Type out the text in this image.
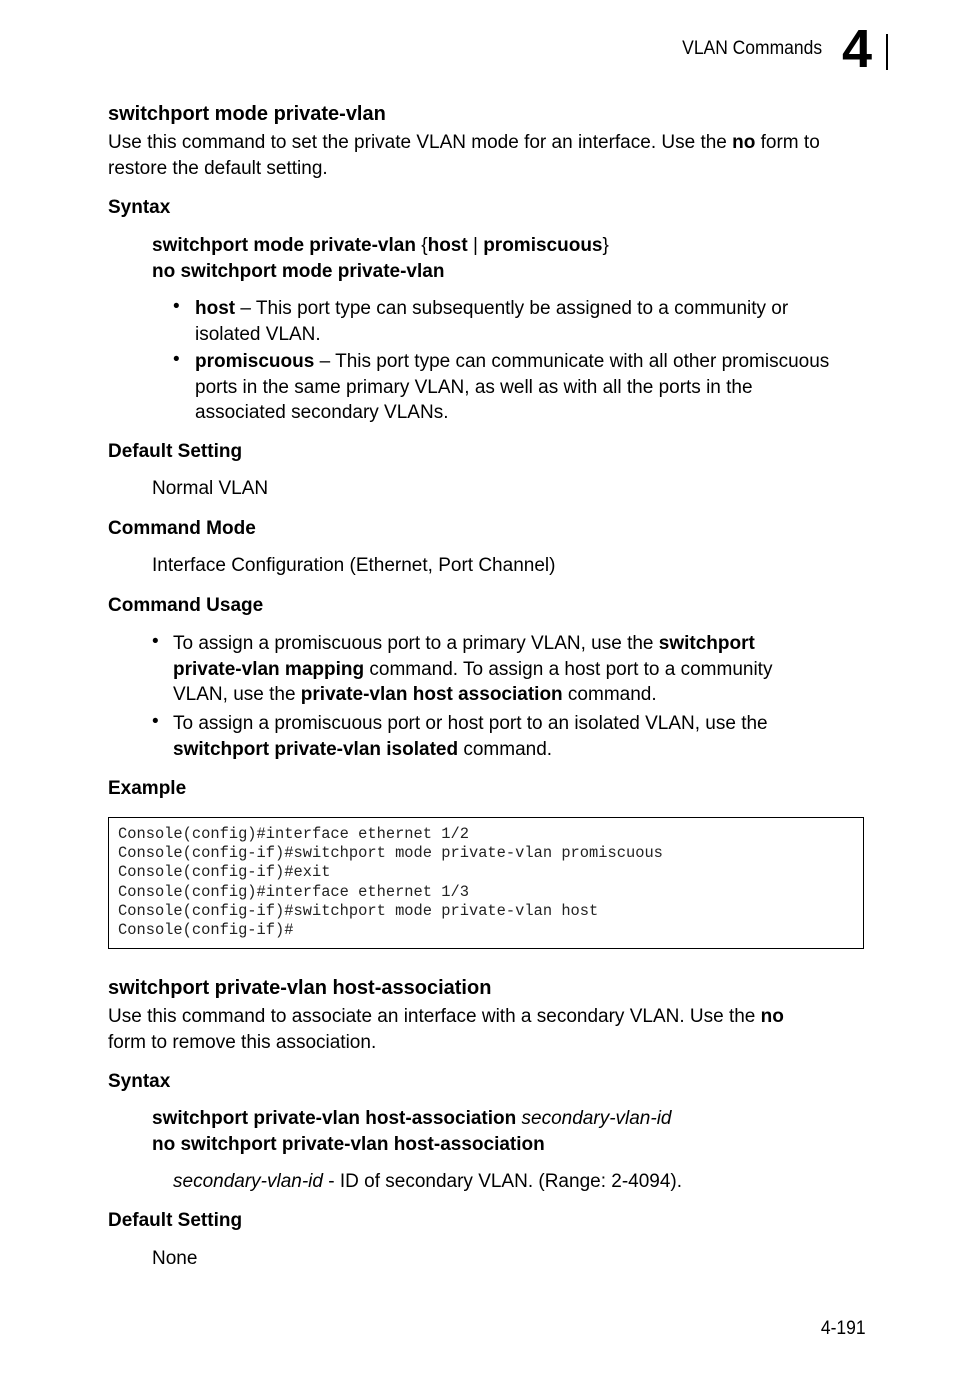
VLAN Commands 4
switchport mode private-vlan
Use this command to set the private VLAN mode for an interface. Use the no form to
restore the default setting.
Syntax
switchport mode private-vlan {host | promiscuous}
no switchport mode private-vlan
• host – This port type can subsequently be assigned to a community or
isolated VLAN.
• promiscuous – This port type can communicate with all other promiscuous
ports in the same primary VLAN, as well as with all the ports in the
associated secondary VLANs.
Default Setting
Normal VLAN
Command Mode
Interface Configuration (Ethernet, Port Channel)
Command Usage
• To assign a promiscuous port to a primary VLAN, use the switchport
private-vlan mapping command. To assign a host port to a community
VLAN, use the private-vlan host association command.
• To assign a promiscuous port or host port to an isolated VLAN, use the
switchport private-vlan isolated command.
Example
Console(config)#interface ethernet 1/2
Console(config-if)#switchport mode private-vlan promiscuous
Console(config-if)#exit
Console(config)#interface ethernet 1/3
Console(config-if)#switchport mode private-vlan host
Console(config-if)#
switchport private-vlan host-association
Use this command to associate an interface with a secondary VLAN. Use the no
form to remove this association.
Syntax
switchport private-vlan host-association secondary-vlan-id
no switchport private-vlan host-association
secondary-vlan-id - ID of secondary VLAN. (Range: 2-4094).
Default Setting
None
4-191
